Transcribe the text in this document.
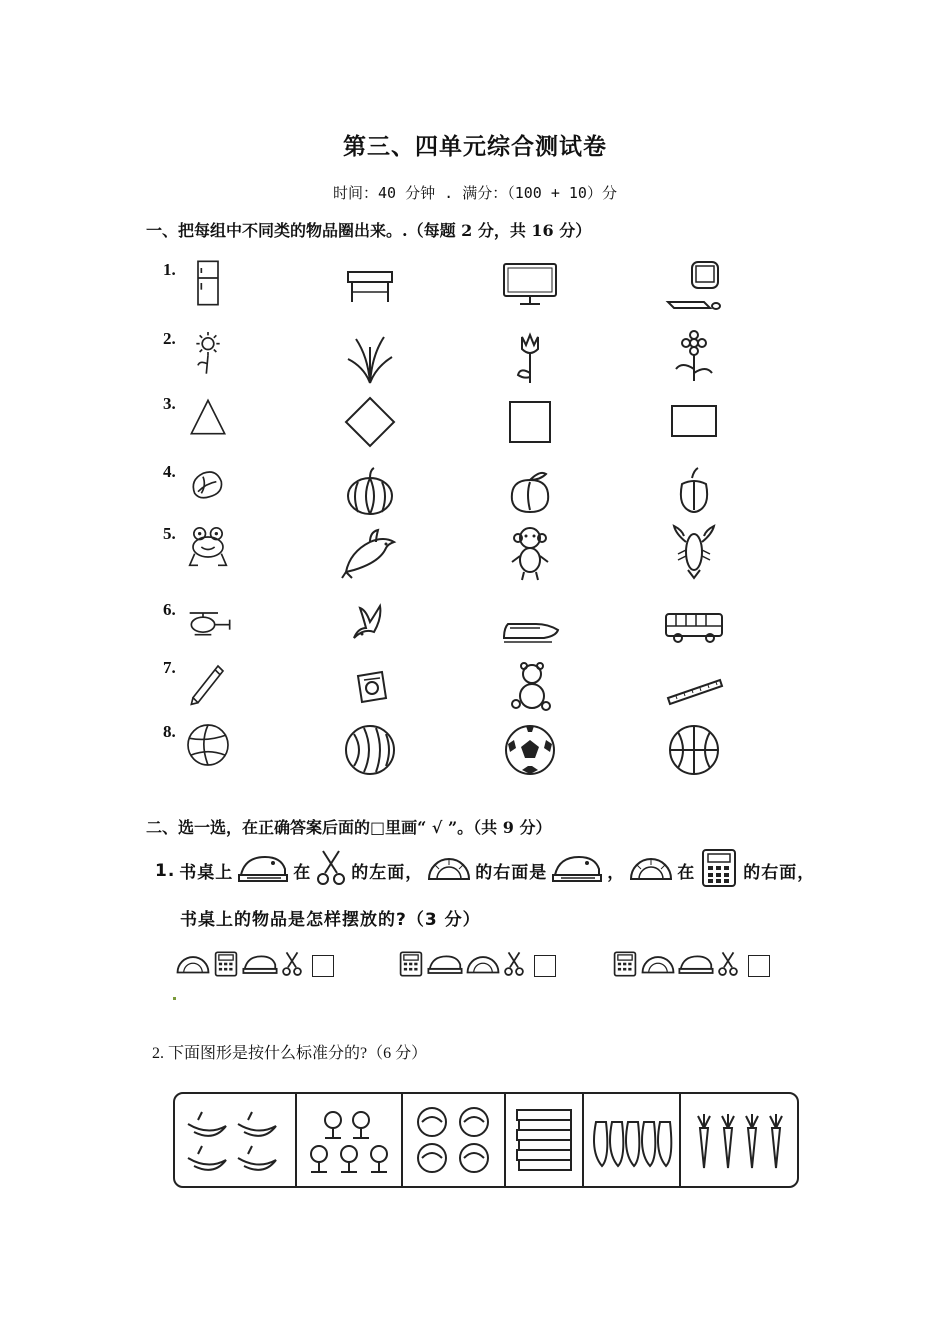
第三、四单元综合测试卷
时间：40 分钟 . 满分：（100 + 10）分
一、把每组中不同类的物品圈出来。.（每题 2 分，共 16 分）
1.
2.
3.
4.
5.
6.
7.
8.
二、选一选，在正确答案后面的□里画“ √ ”。（共 9 分）
1. 书桌上	在 的左面，	的右面是	，	在	的右面，
书桌上的物品是怎样摆放的?（3 分）
2. 下面图形是按什么标准分的?（6 分）
